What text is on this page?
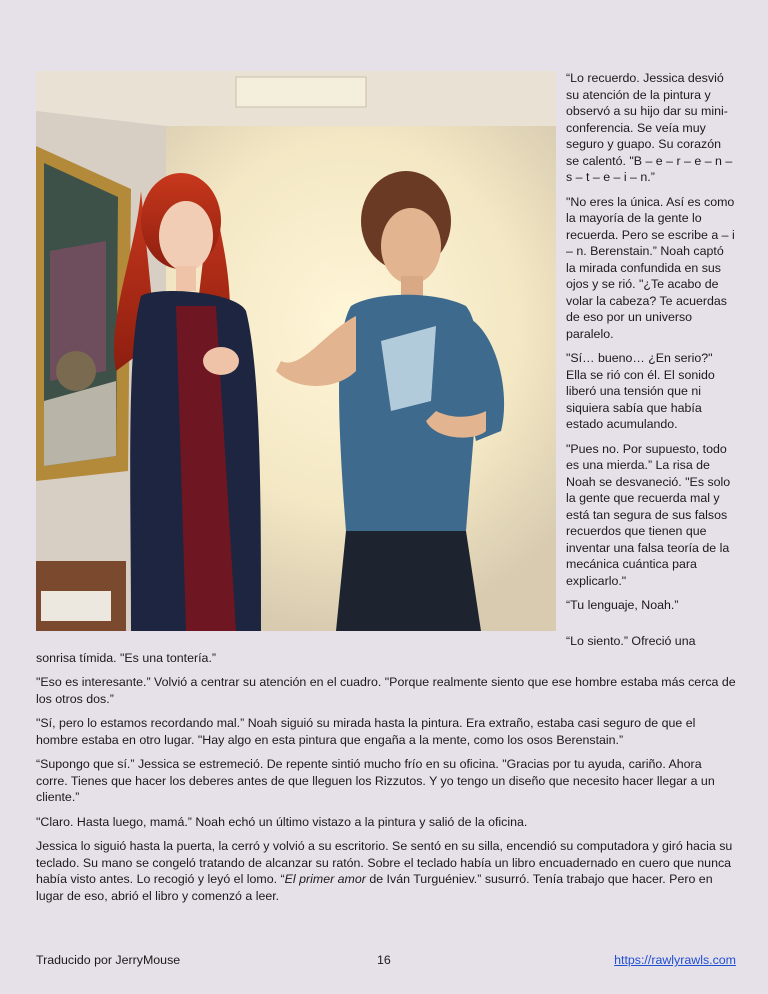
“Lo recuerdo. Jessica desvió su atención de la pintura y observó a su hijo dar su mini-conferencia. Se veía muy seguro y guapo. Su corazón se calentó. "B – e – r – e – n – s – t – e – i – n.”

"No eres la única. Así es como la mayoría de la gente lo recuerda. Pero se escribe a – i – n. Berenstain.” Noah captó la mirada confundida en sus ojos y se rió. "¿Te acabo de volar la cabeza? Te acuerdas de eso por un universo paralelo.

"Sí… bueno… ¿En serio?" Ella se rió con él. El sonido liberó una tensión que ni siquiera sabía que había estado acumulando.

"Pues no. Por supuesto, todo es una mierda.” La risa de Noah se desvaneció. "Es solo la gente que recuerda mal y está tan segura de sus falsos recuerdos que tienen que inventar una falsa teoría de la mecánica cuántica para explicarlo."

“Tu lenguaje, Noah.”

“Lo siento.” Ofreció una
sonrisa tímida. "Es una tontería.”

"Eso es interesante.” Volvió a centrar su atención en el cuadro. "Porque realmente siento que ese hombre estaba más cerca de los otros dos.”

"Sí, pero lo estamos recordando mal.” Noah siguió su mirada hasta la pintura. Era extraño, estaba casi seguro de que el hombre estaba en otro lugar. "Hay algo en esta pintura que engaña a la mente, como los osos Berenstain.”

“Supongo que sí.” Jessica se estremeció. De repente sintió mucho frío en su oficina. "Gracias por tu ayuda, cariño. Ahora corre. Tienes que hacer los deberes antes de que lleguen los Rizzutos. Y yo tengo un diseño que necesito hacer llegar a un cliente.”

"Claro. Hasta luego, mamá.” Noah echó un último vistazo a la pintura y salió de la oficina.

Jessica lo siguió hasta la puerta, la cerró y volvió a su escritorio. Se sentó en su silla, encendió su computadora y giró hacia su teclado. Su mano se congeló tratando de alcanzar su ratón. Sobre el teclado había un libro encuadernado en cuero que nunca había visto antes. Lo recogió y leyó el lomo. “El primer amor de Iván Turguéniev.” susurró. Tenía trabajo que hacer. Pero en lugar de eso, abrió el libro y comenzó a leer.

Traducido por JerryMouse	16	https://rawlyrawls.com
